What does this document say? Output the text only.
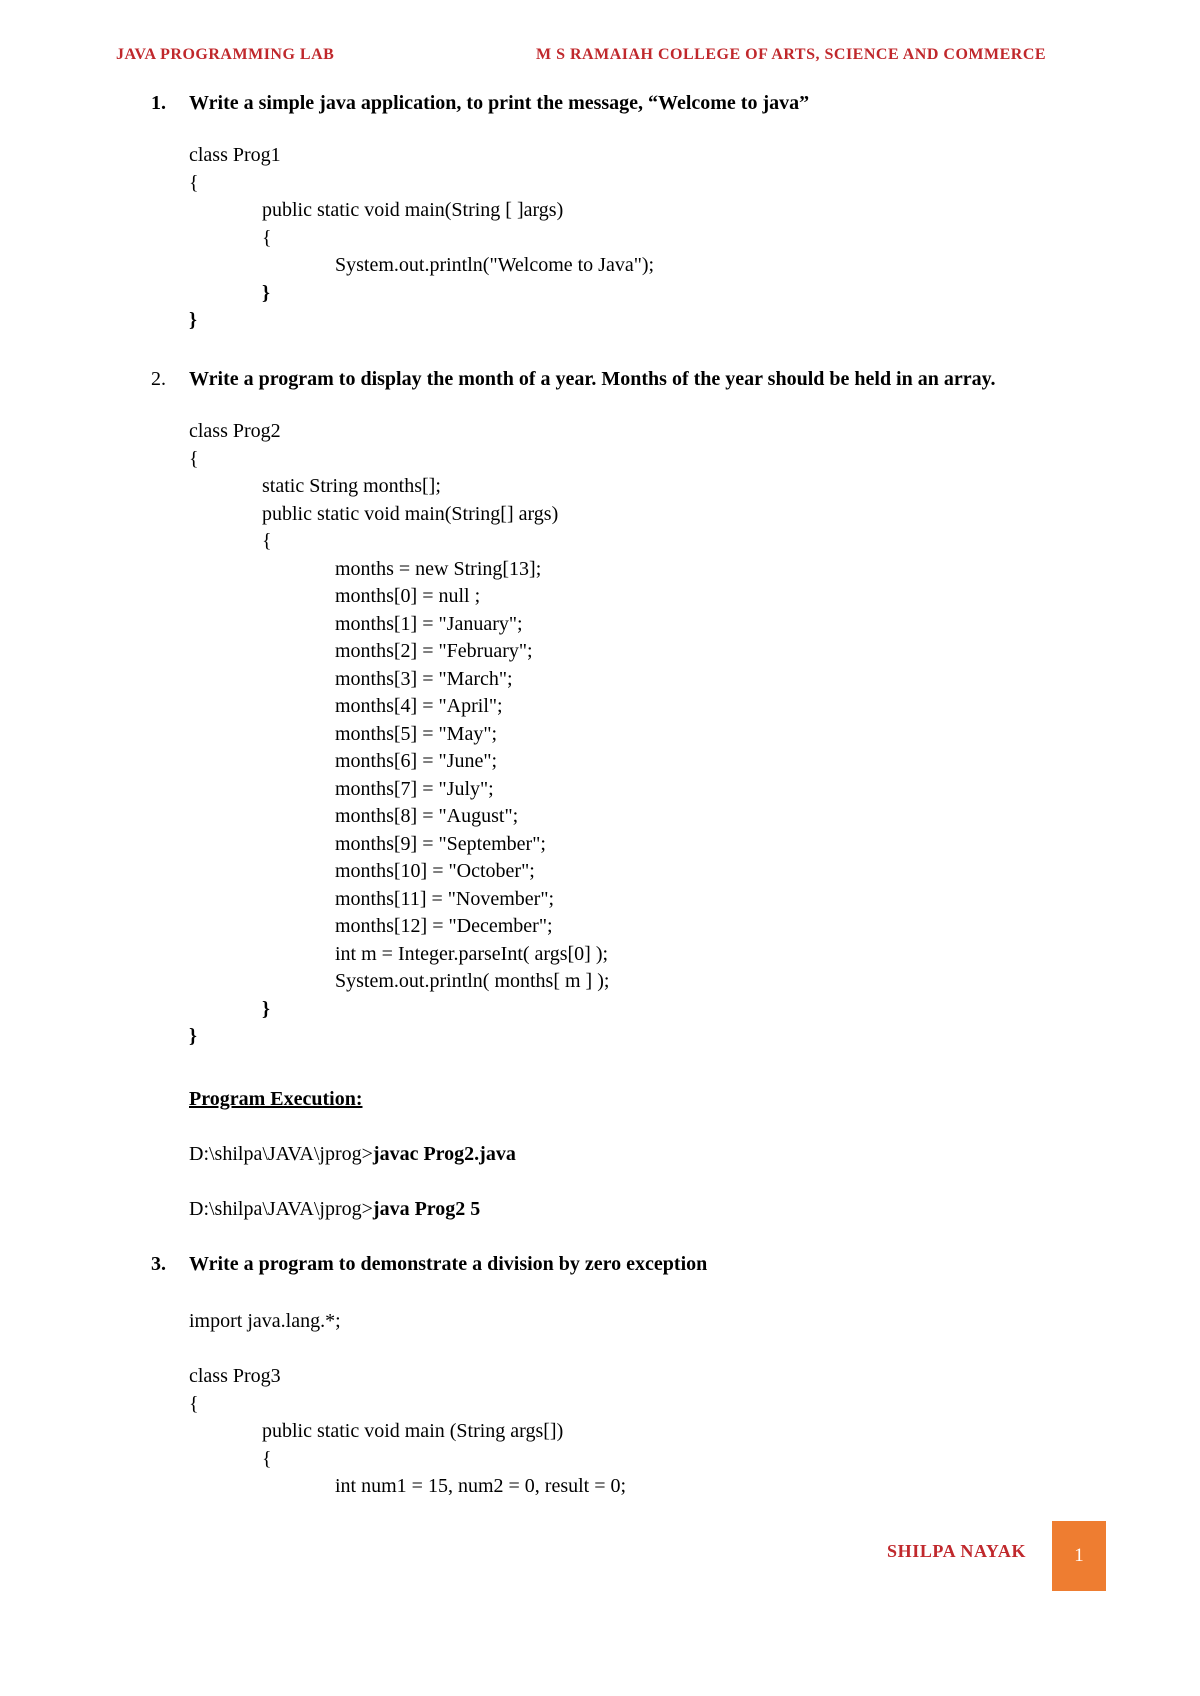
JAVA PROGRAMMING LAB	M S RAMAIAH COLLEGE OF ARTS, SCIENCE AND COMMERCE
1. Write a simple java application, to print the message, “Welcome to java”

class Prog1

{

public static void main(String [ ]args)

{

System.out.println("Welcome to Java");

}

}

2. Write a program to display the month of a year. Months of the year should be held in an array.

class Prog2

{

static String months[];

public static void main(String[] args)

{

months = new String[13];

months[0] = null ;

months[1] = "January";

months[2] = "February";

months[3] = "March";

months[4] = "April";

months[5] = "May";

months[6] = "June";

months[7] = "July";

months[8] = "August";

months[9] = "September";

months[10] = "October";

months[11] = "November";

months[12] = "December";

int m = Integer.parseInt( args[0] );

System.out.println( months[ m ] );

}

}

Program Execution:
D:\shilpa\JAVA\jprog>javac Prog2.java
D:\shilpa\JAVA\jprog>java Prog2 5
3. Write a program to demonstrate a division by zero exception

import java.lang.*;

class Prog3

{

public static void main (String args[])

{

int num1 = 15, num2 = 0, result = 0;

SHILPA NAYAK	1
